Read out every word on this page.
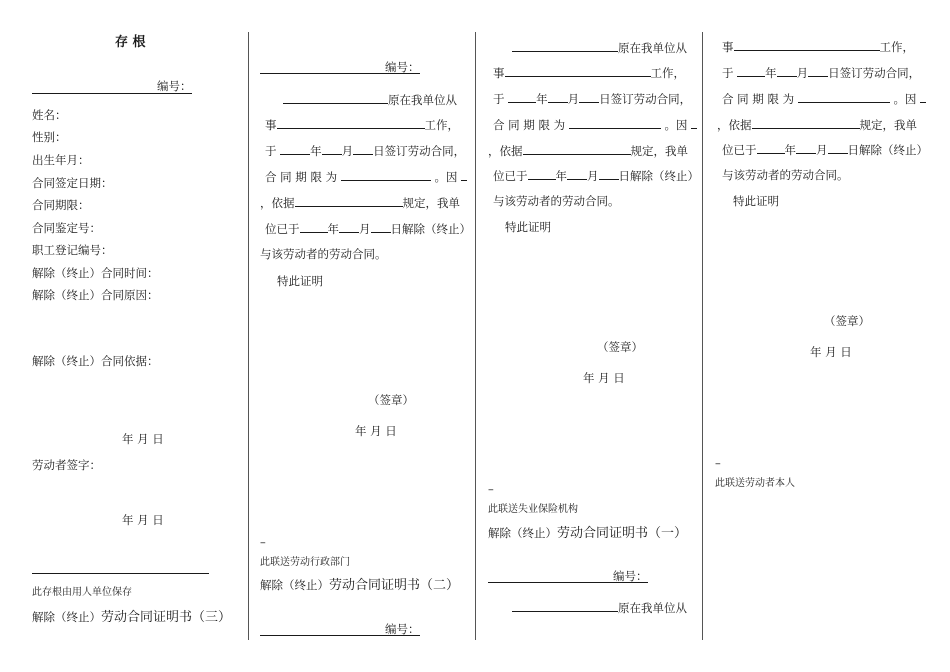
存 根
编号：
姓名：
性别：
出生年月：
合同签定日期：
合同期限：
合同鉴定号：
职工登记编号：
解除（终止）合同时间：
解除（终止）合同原因：
解除（终止）合同依据：
年 月 日
劳动者签字：
年 月 日
此存根由用人单位保存
解除（终止）劳动合同证明书（三）
编号：
原在我单位从
事	工作，
于	年 月 日签订劳动合同，
合 同 期 限 为	。因
，依据	规定，我单
位已于 年 月 日解除（终止）
与该劳动者的劳动合同。
特此证明
（签章）
年 月 日
–
此联送劳动行政部门
解除（终止）劳动合同证明书（二）
编号：
原在我单位从
事	工作，
于	年 月 日签订劳动合同，
合 同 期 限 为	。因
，依据	规定，我单
位已于 年 月 日解除（终止）
与该劳动者的劳动合同。
特此证明
（签章）
年 月 日
–
此联送失业保险机构
解除（终止）劳动合同证明书（一）
编号：
原在我单位从
事	工作，
于	年 月 日签订劳动合同，
合 同 期 限 为	。因
，依据	规定，我单
位已于 年 月 日解除（终止）
与该劳动者的劳动合同。
特此证明
（签章）
年 月 日
–
此联送劳动者本人
